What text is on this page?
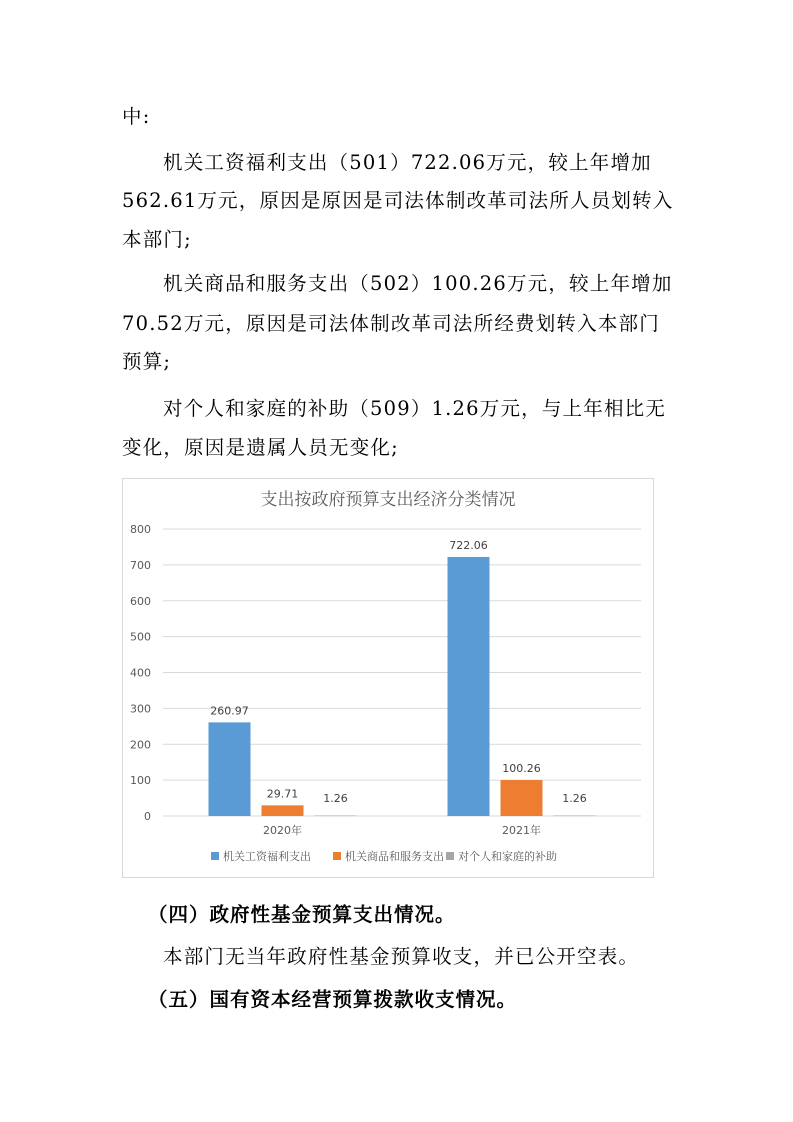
中:
机关工资福利支出（501）722.06万元，较上年增加
562.61万元，原因是原因是司法体制改革司法所人员划转入
本部门;
机关商品和服务支出（502）100.26万元，较上年增加
70.52万元，原因是司法体制改革司法所经费划转入本部门
预算;
对个人和家庭的补助（509）1.26万元，与上年相比无
变化，原因是遗属人员无变化;
支出按政府预算支出经济分类情况
0
100
200
300
400
500
600
700
800
260.97
29.71 1.26
2020年
722.06
100.26
1.26
2021年
机关工资福利支出	机关商品和服务支出 对个人和家庭的补助
（四）政府性基金预算支出情况。
本部门无当年政府性基金预算收支，并已公开空表。
（五）国有资本经营预算拨款收支情况。
